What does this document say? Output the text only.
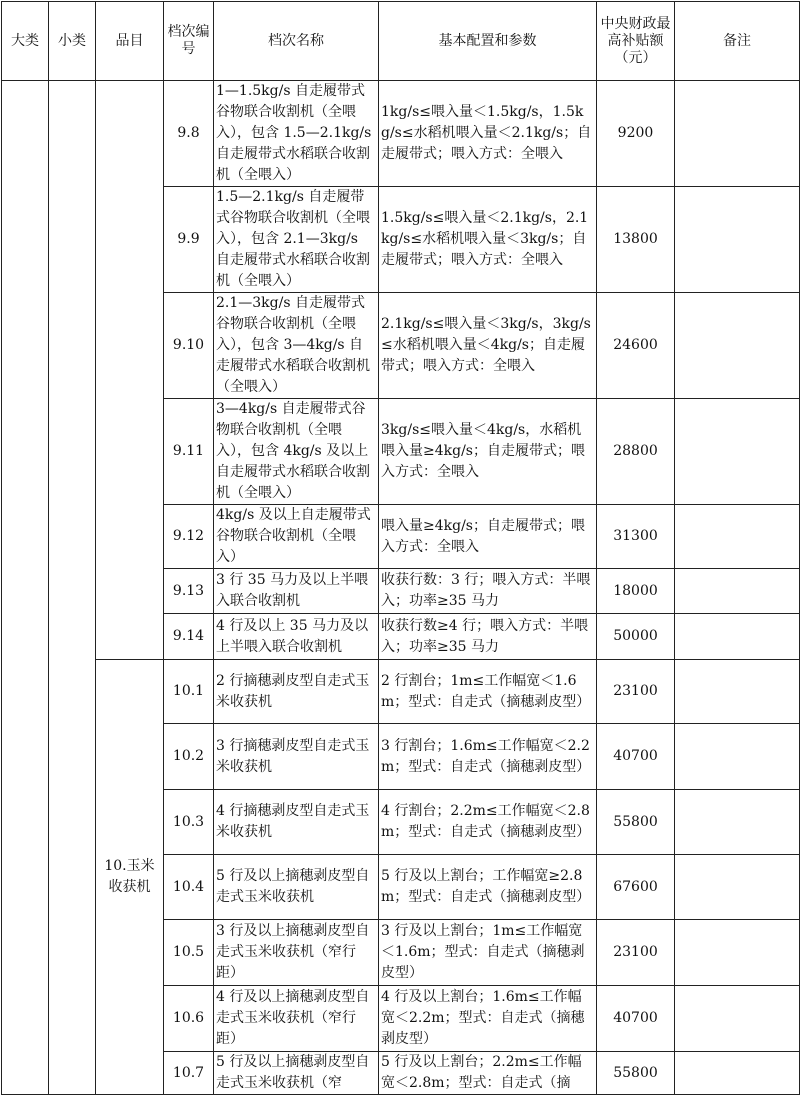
大类	小类	品目	档次编号	档次名称	基本配置和参数	中央财政最高补贴额（元）	备注
			9.8	1—1.5kg/s 自走履带式谷物联合收割机（全喂入），包含 1.5—2.1kg/s 自走履带式水稻联合收割机（全喂入）	1kg/s≤喂入量＜1.5kg/s，1.5kg/s≤水稻机喂入量＜2.1kg/s；自走履带式；喂入方式：全喂入	9200	
			9.9	1.5—2.1kg/s 自走履带式谷物联合收割机（全喂入），包含 2.1—3kg/s 自走履带式水稻联合收割机（全喂入）	1.5kg/s≤喂入量＜2.1kg/s，2.1kg/s≤水稻机喂入量＜3kg/s；自走履带式；喂入方式：全喂入	13800	
			9.10	2.1—3kg/s 自走履带式谷物联合收割机（全喂入），包含 3—4kg/s 自走履带式水稻联合收割机（全喂入）	2.1kg/s≤喂入量＜3kg/s，3kg/s≤水稻机喂入量＜4kg/s；自走履带式；喂入方式：全喂入	24600	
			9.11	3—4kg/s 自走履带式谷物联合收割机（全喂入），包含 4kg/s 及以上自走履带式水稻联合收割机（全喂入）	3kg/s≤喂入量＜4kg/s，水稻机喂入量≥4kg/s；自走履带式；喂入方式：全喂入	28800	
			9.12	4kg/s 及以上自走履带式谷物联合收割机（全喂入）	喂入量≥4kg/s；自走履带式；喂入方式：全喂入	31300	
			9.13	3 行 35 马力及以上半喂入联合收割机	收获行数：3 行；喂入方式：半喂入；功率≥35 马力	18000	
			9.14	4 行及以上 35 马力及以上半喂入联合收割机	收获行数≥4 行；喂入方式：半喂入；功率≥35 马力	50000	
		10.玉米收获机	10.1	2 行摘穗剥皮型自走式玉米收获机	2 行割台；1m≤工作幅宽＜1.6m；型式：自走式（摘穗剥皮型）	23100	
			10.2	3 行摘穗剥皮型自走式玉米收获机	3 行割台；1.6m≤工作幅宽＜2.2m；型式：自走式（摘穗剥皮型）	40700	
			10.3	4 行摘穗剥皮型自走式玉米收获机	4 行割台；2.2m≤工作幅宽＜2.8m；型式：自走式（摘穗剥皮型）	55800	
			10.4	5 行及以上摘穗剥皮型自走式玉米收获机	5 行及以上割台；工作幅宽≥2.8m；型式：自走式（摘穗剥皮型）	67600	
			10.5	3 行及以上摘穗剥皮型自走式玉米收获机（窄行距）	3 行及以上割台；1m≤工作幅宽＜1.6m；型式：自走式（摘穗剥皮型）	23100	
			10.6	4 行及以上摘穗剥皮型自走式玉米收获机（窄行距）	4 行及以上割台；1.6m≤工作幅宽＜2.2m；型式：自走式（摘穗剥皮型）	40700	
			10.7	5 行及以上摘穗剥皮型自走式玉米收获机（窄	5 行及以上割台；2.2m≤工作幅宽＜2.8m；型式：自走式（摘	55800	
